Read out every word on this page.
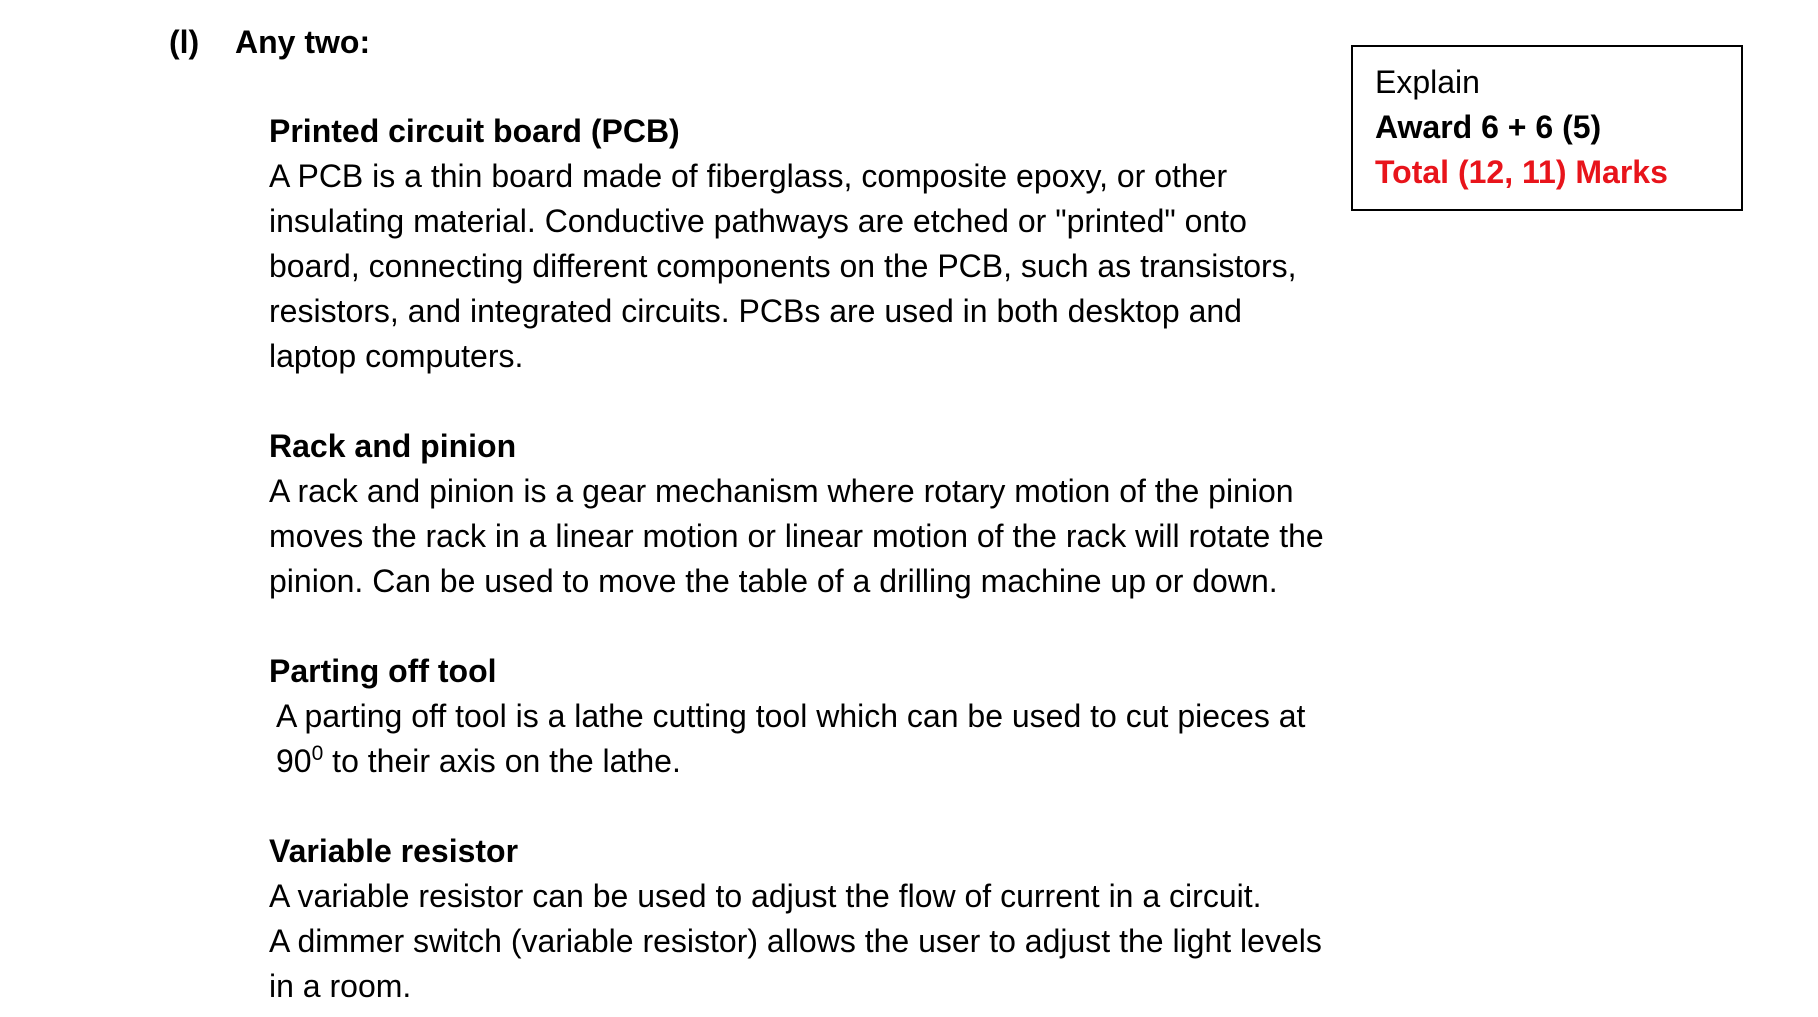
(l) Any two:
Explain
Award 6 + 6 (5)
Total (12, 11) Marks
Printed circuit board (PCB)
A PCB is a thin board made of fiberglass, composite epoxy, or other
insulating material. Conductive pathways are etched or "printed" onto
board, connecting different components on the PCB, such as transistors,
resistors, and integrated circuits. PCBs are used in both desktop and
laptop computers.
Rack and pinion
A rack and pinion is a gear mechanism where rotary motion of the pinion
moves the rack in a linear motion or linear motion of the rack will rotate the
pinion. Can be used to move the table of a drilling machine up or down.
Parting off tool
A parting off tool is a lathe cutting tool which can be used to cut pieces at
$90^0$ to their axis on the lathe.
Variable resistor
A variable resistor can be used to adjust the flow of current in a circuit.
A dimmer switch (variable resistor) allows the user to adjust the light levels
in a room.
